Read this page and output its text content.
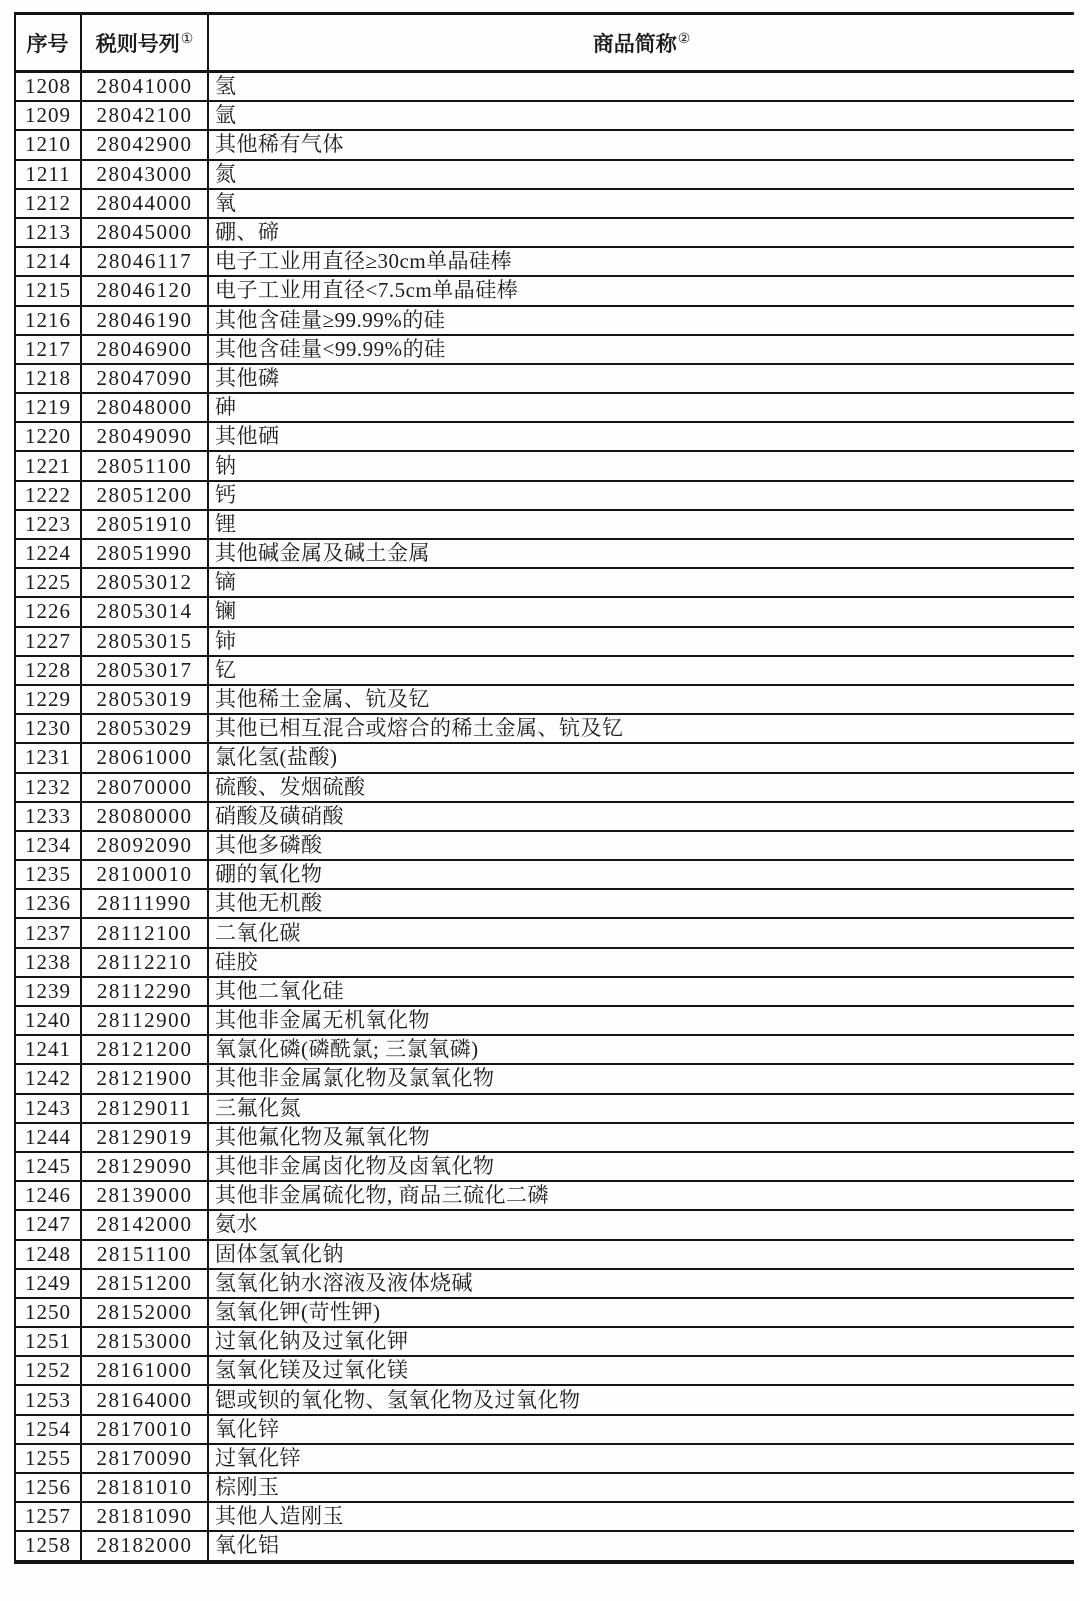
序号	税则号列①	商品简称②
1208	28041000	氢
1209	28042100	氩
1210	28042900	其他稀有气体
1211	28043000	氮
1212	28044000	氧
1213	28045000	硼、碲
1214	28046117	电子工业用直径≥30cm单晶硅棒
1215	28046120	电子工业用直径<7.5cm单晶硅棒
1216	28046190	其他含硅量≥99.99%的硅
1217	28046900	其他含硅量<99.99%的硅
1218	28047090	其他磷
1219	28048000	砷
1220	28049090	其他硒
1221	28051100	钠
1222	28051200	钙
1223	28051910	锂
1224	28051990	其他碱金属及碱土金属
1225	28053012	镝
1226	28053014	镧
1227	28053015	铈
1228	28053017	钇
1229	28053019	其他稀土金属、钪及钇
1230	28053029	其他已相互混合或熔合的稀土金属、钪及钇
1231	28061000	氯化氢(盐酸)
1232	28070000	硫酸、发烟硫酸
1233	28080000	硝酸及磺硝酸
1234	28092090	其他多磷酸
1235	28100010	硼的氧化物
1236	28111990	其他无机酸
1237	28112100	二氧化碳
1238	28112210	硅胶
1239	28112290	其他二氧化硅
1240	28112900	其他非金属无机氧化物
1241	28121200	氧氯化磷(磷酰氯; 三氯氧磷)
1242	28121900	其他非金属氯化物及氯氧化物
1243	28129011	三氟化氮
1244	28129019	其他氟化物及氟氧化物
1245	28129090	其他非金属卤化物及卤氧化物
1246	28139000	其他非金属硫化物, 商品三硫化二磷
1247	28142000	氨水
1248	28151100	固体氢氧化钠
1249	28151200	氢氧化钠水溶液及液体烧碱
1250	28152000	氢氧化钾(苛性钾)
1251	28153000	过氧化钠及过氧化钾
1252	28161000	氢氧化镁及过氧化镁
1253	28164000	锶或钡的氧化物、氢氧化物及过氧化物
1254	28170010	氧化锌
1255	28170090	过氧化锌
1256	28181010	棕刚玉
1257	28181090	其他人造刚玉
1258	28182000	氧化铝
